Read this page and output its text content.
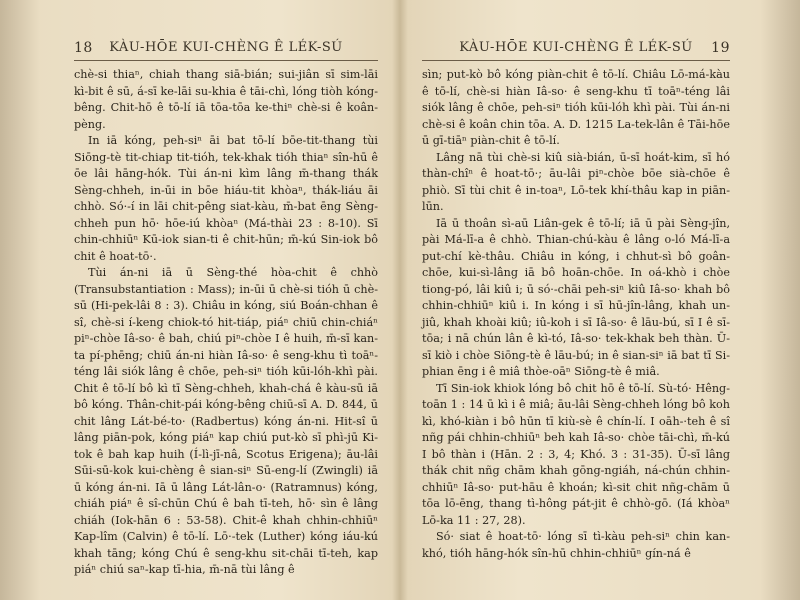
18	KÀU-HŌE KUI-CHÈNG Ê LÉK-SÚ

chè-si thiaⁿ, chiah thang siā-bián; sui-jiân sī sim-lāi kì-bit ê sū, á-sī ke-lāi su-khia ê tāi-chì, lóng tiòh kóng-bêng. Chit-hō ê tō-lí iā tōa-tōa ke-thiⁿ chè-si ê koân-pèng.

In iā kóng, peh-siⁿ āi bat tō-lí bōe-tit-thang tùi Siōng-tè tit-chiap tit-tióh, tek-khak tióh thiaⁿ sîn-hū ê ōe lâi hāng-hók. Tùi án-ni kìm lâng m̄-thang thák Sèng-chheh, in-ūi in bōe hiáu-tit khòaⁿ, thák-liáu āi chhò. Só·-í in lāi chit-pêng siat-kàu, m̄-bat ēng Sèng-chheh pun hō· hōe-iú khòaⁿ (Má-thài 23 : 8-10). Sī chin-chhiūⁿ Kū-iok sian-ti ê chit-hūn; m̄-kú Sin-iok bô chit ê hoat-tō·.

Tùi án-ni iā ū Sèng-thé hòa-chit ê chhò (Transubstantiation : Mass); in-ūi ū chè-si tióh ū chè-sū (Hi-pek-lâi 8 : 3). Chiâu in kóng, siú Boán-chhan ê sî, chè-si í-keng chiok-tó hit-tiáp, piáⁿ chiū chin-chiáⁿ piⁿ-chòe Iâ-so· ê bah, chiú piⁿ-chòe I ê huih, m̄-sī kan-ta pí-phēng; chiū án-ni hiàn Iâ-so· ê seng-khu tì toāⁿ-téng lâi siók lâng ê chōe, peh-siⁿ tióh kūi-lóh-khì pài. Chit ê tō-lí bô kì tī Sèng-chheh, khah-chá ê kàu-sū iā bô kóng. Thân-chit-pái kóng-bêng chiū-sī A. D. 844, ū chit lâng Lát-bé-to· (Radbertus) kóng án-ni. Hit-sî ū lâng piān-pok, kóng piáⁿ kap chiú put-kò sī phì-jū Ki-tok ê bah kap huih (Í-lì-jī-nâ, Scotus Erigena); āu-lâi Sūi-sū-kok kui-chèng ê sian-siⁿ Sū-eng-lí (Zwingli) iā ū kóng án-ni. Iā ū lâng Lát-lân-o· (Ratramnus) kóng, chiáh piáⁿ ê sî-chūn Chú ê bah tī-teh, hō· sìn ê lâng chiáh (Iok-hān 6 : 53-58). Chit-ê khah chhin-chhiūⁿ Kap-lîm (Calvin) ê tō-lí. Lō·-tek (Luther) kóng iáu-kú khah tāng; kóng Chú ê seng-khu sit-chāi tī-teh, kap piáⁿ chiú saⁿ-kap tī-hia, m̄-nā tùi lâng ê

KÀU-HŌE KUI-CHÈNG Ê LÉK-SÚ	19

sìn; put-kò bô kóng piàn-chit ê tō-lí. Chiâu Lō-má-kàu ê tō-lí, chè-si hiàn Iâ-so· ê seng-khu tī toāⁿ-téng lâi siók lâng ê chōe, peh-siⁿ tióh kūi-lóh khì pài. Tùi án-ni chè-si ê koân chin tōa. A. D. 1215 La-tek-lân ê Tāi-hōe ū gī-tiāⁿ piàn-chit ê tō-lí.

Lâng nā tùi chè-si kiû sià-bián, ū-sī hoát-kim, sī hó thàn-chîⁿ ê hoat-tō·; āu-lâi piⁿ-chòe bōe sià-chōe ê phiò. Sī tùi chit ê in-toaⁿ, Lō-tek khí-thâu kap in piān-lūn.

Iā ū thoân sì-aū Liân-gek ê tō-lí; iā ū pài Sèng-jîn, pài Má-lī-a ê chhò. Thian-chú-kàu ê lâng o-ló Má-lī-a put-chí kè-thâu. Chiâu in kóng, i chhut-sì bô goân-chōe, kui-sì-lâng iā bô hoān-chōe. In oá-khò i chòe tiong-pó, lâi kiû i; ū só·-chāi peh-siⁿ kiû Iâ-so· khah bô chhin-chhiūⁿ kiû i. In kóng i sī hū-jîn-lâng, khah un-jiû, khah khoài kiû; iû-koh i sī Iâ-so· ê lāu-bú, sī I ê sī-tōa; i nā chún lân ê kì-tó, Iâ-so· tek-khak beh thàn. Ū-sī kiò i chòe Siōng-tè ê lāu-bú; in ê sian-siⁿ iā bat tī Si-phian ēng i ê miâ thòe-oāⁿ Siōng-tè ê miâ.

Tī Sin-iok khiok lóng bô chit hō ê tō-lí. Sù-tó· Hêng-toān 1 : 14 ū kì i ê miâ; āu-lâi Sèng-chheh lóng bô koh kì, khó-kiàn i bô hūn tī kiù-sè ê chín-lí. I oāh-·teh ê sî nñg pái chhin-chhiūⁿ beh kah Iâ-so· chòe tāi-chì, m̄-kú I bô thàn i (Hān. 2 : 3, 4; Khó. 3 : 31-35). Ū-sī lâng thák chit nñg chām khah gōng-ngiáh, ná-chún chhin-chhiūⁿ Iâ-so· put-hāu ê khoán; kì-sit chit nñg-chām ū tōa lō-ēng, thang tì-hông pát-jit ê chhò-gō. (Iá khòaⁿ Lō-ka 11 : 27, 28).

Só· siat ê hoat-tō· lóng sī tì-kàu peh-siⁿ chin kan-khó, tióh hāng-hók sîn-hū chhin-chhiūⁿ gín-ná ê
